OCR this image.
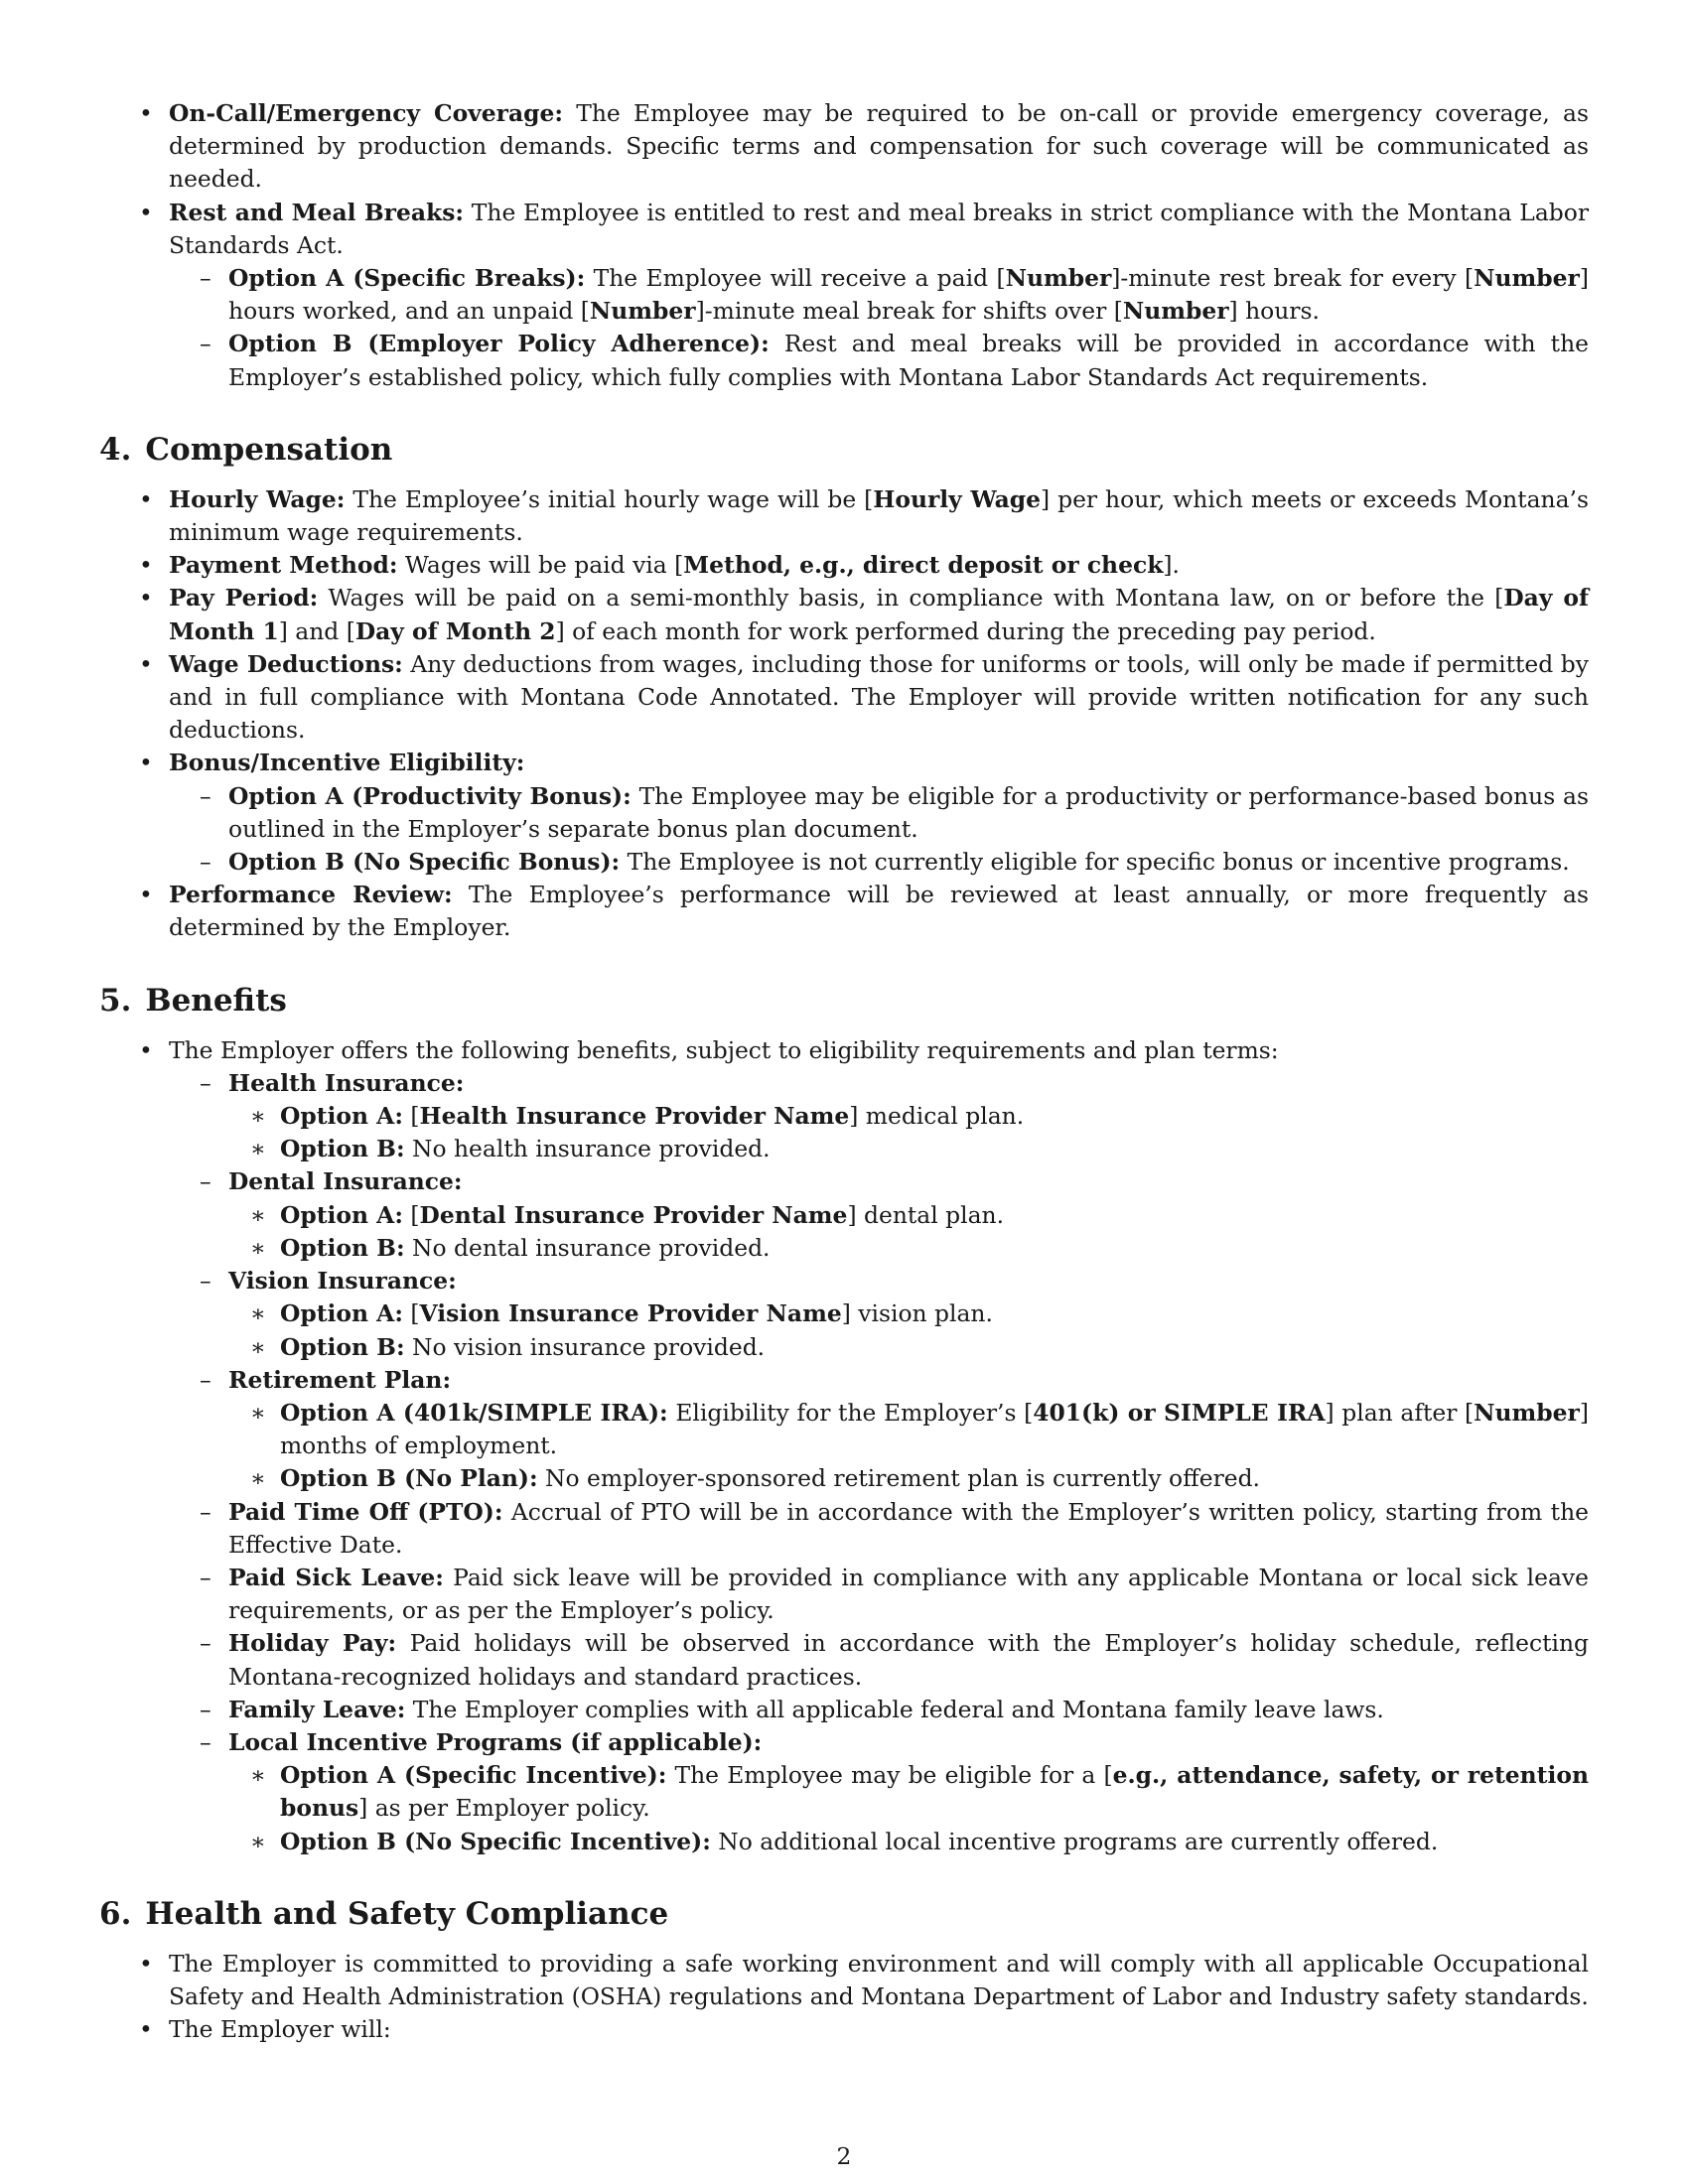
• On-Call/Emergency Coverage: The Employee may be required to be on-call or provide emergency coverage, as determined by production demands. Specific terms and compensation for such coverage will be communicated as needed.
• Rest and Meal Breaks: The Employee is entitled to rest and meal breaks in strict compliance with the Montana Labor Standards Act.
– Option A (Specific Breaks): The Employee will receive a paid [Number]-minute rest break for every [Number] hours worked, and an unpaid [Number]-minute meal break for shifts over [Number] hours.
– Option B (Employer Policy Adherence): Rest and meal breaks will be provided in accordance with the Employer’s established policy, which fully complies with Montana Labor Standards Act requirements.
4. Compensation
• Hourly Wage: The Employee’s initial hourly wage will be [Hourly Wage] per hour, which meets or exceeds Montana’s minimum wage requirements.
• Payment Method: Wages will be paid via [Method, e.g., direct deposit or check].
• Pay Period: Wages will be paid on a semi-monthly basis, in compliance with Montana law, on or before the [Day of Month 1] and [Day of Month 2] of each month for work performed during the preceding pay period.
• Wage Deductions: Any deductions from wages, including those for uniforms or tools, will only be made if permitted by and in full compliance with Montana Code Annotated. The Employer will provide written notification for any such deductions.
• Bonus/Incentive Eligibility:
– Option A (Productivity Bonus): The Employee may be eligible for a productivity or performance-based bonus as outlined in the Employer’s separate bonus plan document.
– Option B (No Specific Bonus): The Employee is not currently eligible for specific bonus or incentive programs.
• Performance Review: The Employee’s performance will be reviewed at least annually, or more frequently as determined by the Employer.
5. Benefits
• The Employer offers the following benefits, subject to eligibility requirements and plan terms:
– Health Insurance:
∗ Option A: [Health Insurance Provider Name] medical plan.
∗ Option B: No health insurance provided.
– Dental Insurance:
∗ Option A: [Dental Insurance Provider Name] dental plan.
∗ Option B: No dental insurance provided.
– Vision Insurance:
∗ Option A: [Vision Insurance Provider Name] vision plan.
∗ Option B: No vision insurance provided.
– Retirement Plan:
∗ Option A (401k/SIMPLE IRA): Eligibility for the Employer’s [401(k) or SIMPLE IRA] plan after [Number] months of employment.
∗ Option B (No Plan): No employer-sponsored retirement plan is currently offered.
– Paid Time Off (PTO): Accrual of PTO will be in accordance with the Employer’s written policy, starting from the Effective Date.
– Paid Sick Leave: Paid sick leave will be provided in compliance with any applicable Montana or local sick leave requirements, or as per the Employer’s policy.
– Holiday Pay: Paid holidays will be observed in accordance with the Employer’s holiday schedule, reflecting Montana-recognized holidays and standard practices.
– Family Leave: The Employer complies with all applicable federal and Montana family leave laws.
– Local Incentive Programs (if applicable):
∗ Option A (Specific Incentive): The Employee may be eligible for a [e.g., attendance, safety, or retention bonus] as per Employer policy.
∗ Option B (No Specific Incentive): No additional local incentive programs are currently offered.
6. Health and Safety Compliance
• The Employer is committed to providing a safe working environment and will comply with all applicable Occupational Safety and Health Administration (OSHA) regulations and Montana Department of Labor and Industry safety standards.
• The Employer will:
2
